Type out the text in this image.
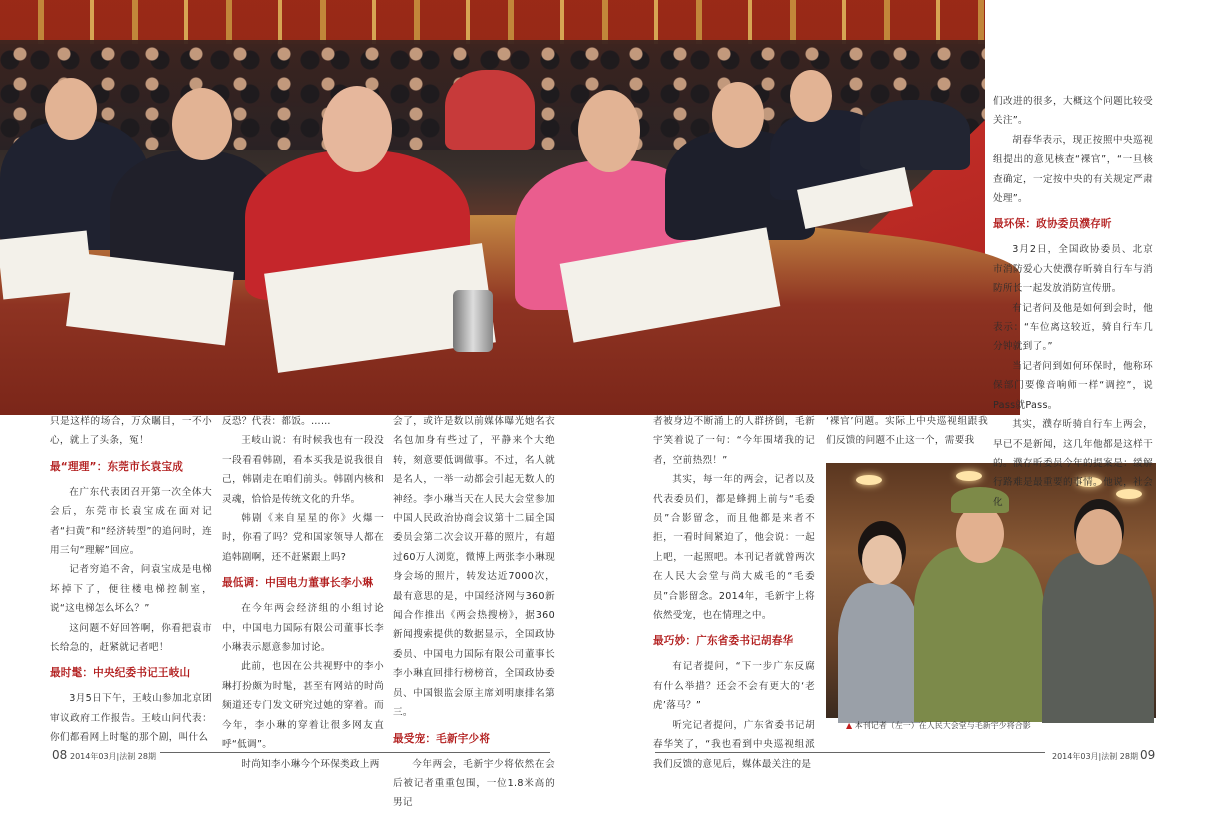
只是这样的场合，万众瞩目，一不小心，就上了头条，冤！

最“理理”：东莞市长袁宝成

在广东代表团召开第一次全体大会后，东莞市长袁宝成在面对记者“扫黄”和“经济转型”的追问时，连用三句“理解”回应。

记者穷追不舍，问袁宝成是电梯坏掉下了，便往楼电梯控制室，说“这电梯怎么坏么？”

这问题不好回答啊，你看把袁市长给急的，赶紧就记者吧！

最时髦：中央纪委书记王岐山

3月5日下午，王岐山参加北京团审议政府工作报告。王岐山问代表：你们都看网上时髦的那个剧，叫什么

反恐？代表：都饭。……

王岐山说：有时候我也有一段没一段看看韩剧，看本买我是说我很自己，韩剧走在咱们前头。韩剧内核和灵魂，恰恰是传统文化的升华。

韩剧《来自星星的你》火爆一时，你看了吗？党和国家领导人都在追韩剧啊，还不赶紧跟上吗?

最低调：中国电力董事长李小琳

在今年两会经济组的小组讨论中，中国电力国际有限公司董事长李小琳表示愿意参加讨论。

此前，也因在公共视野中的李小琳打扮颇为时髦，甚至有网站的时尚频道还专门发文研究过她的穿着。而今年，李小琳的穿着让很多网友直呼“低调”。

时尚知李小琳今个环保类政上两

会了，或许是数以前媒体曝光她名衣名包加身有些过了，平静来个大绝转，刻意要低调做事。不过，名人就是名人，一举一动都会引起无数人的神经。李小琳当天在人民大会堂参加中国人民政治协商会议第十二届全国委员会第二次会议开幕的照片，有超过60万人浏览，微博上两张李小琳现身会场的照片，转发达近7000次，最有意思的是，中国经济网与360新闻合作推出《两会热搜榜》，据360新闻搜索提供的数据显示，全国政协委员、中国电力国际有限公司董事长李小琳直回排行榜榜首，全国政协委员、中国银监会原主席刘明康排名第三。

最受宠：毛新宇少将

今年两会，毛新宇少将依然在会后被记者重重包围，一位1.8米高的男记

者被身边不断涌上的人群挤倒，毛新宇笑着说了一句：“今年围堵我的记者，空前热烈！”

其实，每一年的两会，记者以及代表委员们，都是蜂拥上前与“毛委员”合影留念，而且他都是来者不拒，一看时间紧迫了，他会说：一起上吧，一起照吧。本刊记者就曾两次在人民大会堂与尚大威毛的“毛委员”合影留念。2014年，毛新宇上将依然受宠，也在情理之中。

最巧妙：广东省委书记胡春华

有记者提问，“下一步广东反腐有什么举措？还会不会有更大的‘老虎’落马？”

听完记者提问，广东省委书记胡春华笑了，“我也看到中央巡视组派我们反馈的意见后，媒体最关注的是

‘裸官’问题。实际上中央巡视组跟我们反馈的问题不止这一个，需要我

们改进的很多，大概这个问题比较受关注”。

胡春华表示，现正按照中央巡视组提出的意见核查“裸官”，“一旦核查确定，一定按中央的有关规定严肃处理”。

最环保：政协委员濮存昕

3月2日，全国政协委员、北京市消防爱心大使濮存昕骑自行车与消防所长一起发放消防宣传册。

有记者问及他是如何到会时，他表示：“车位离这较近，骑自行车几分钟就到了。”

当记者问到如何环保时，他称环保部门要像音响师一样“调控”，说Pass就Pass。

其实，濮存昕骑自行车上两会，早已不是新闻，这几年他都是这样干的。濮存昕委员今年的提案是：缓解行路难是最重要的事情。他说，社会化

▲ 本刊记者（左一）在人民大会堂与毛新宇少将合影
08 2014年03月|法制 28期	2014年03月|法制 28期 09
